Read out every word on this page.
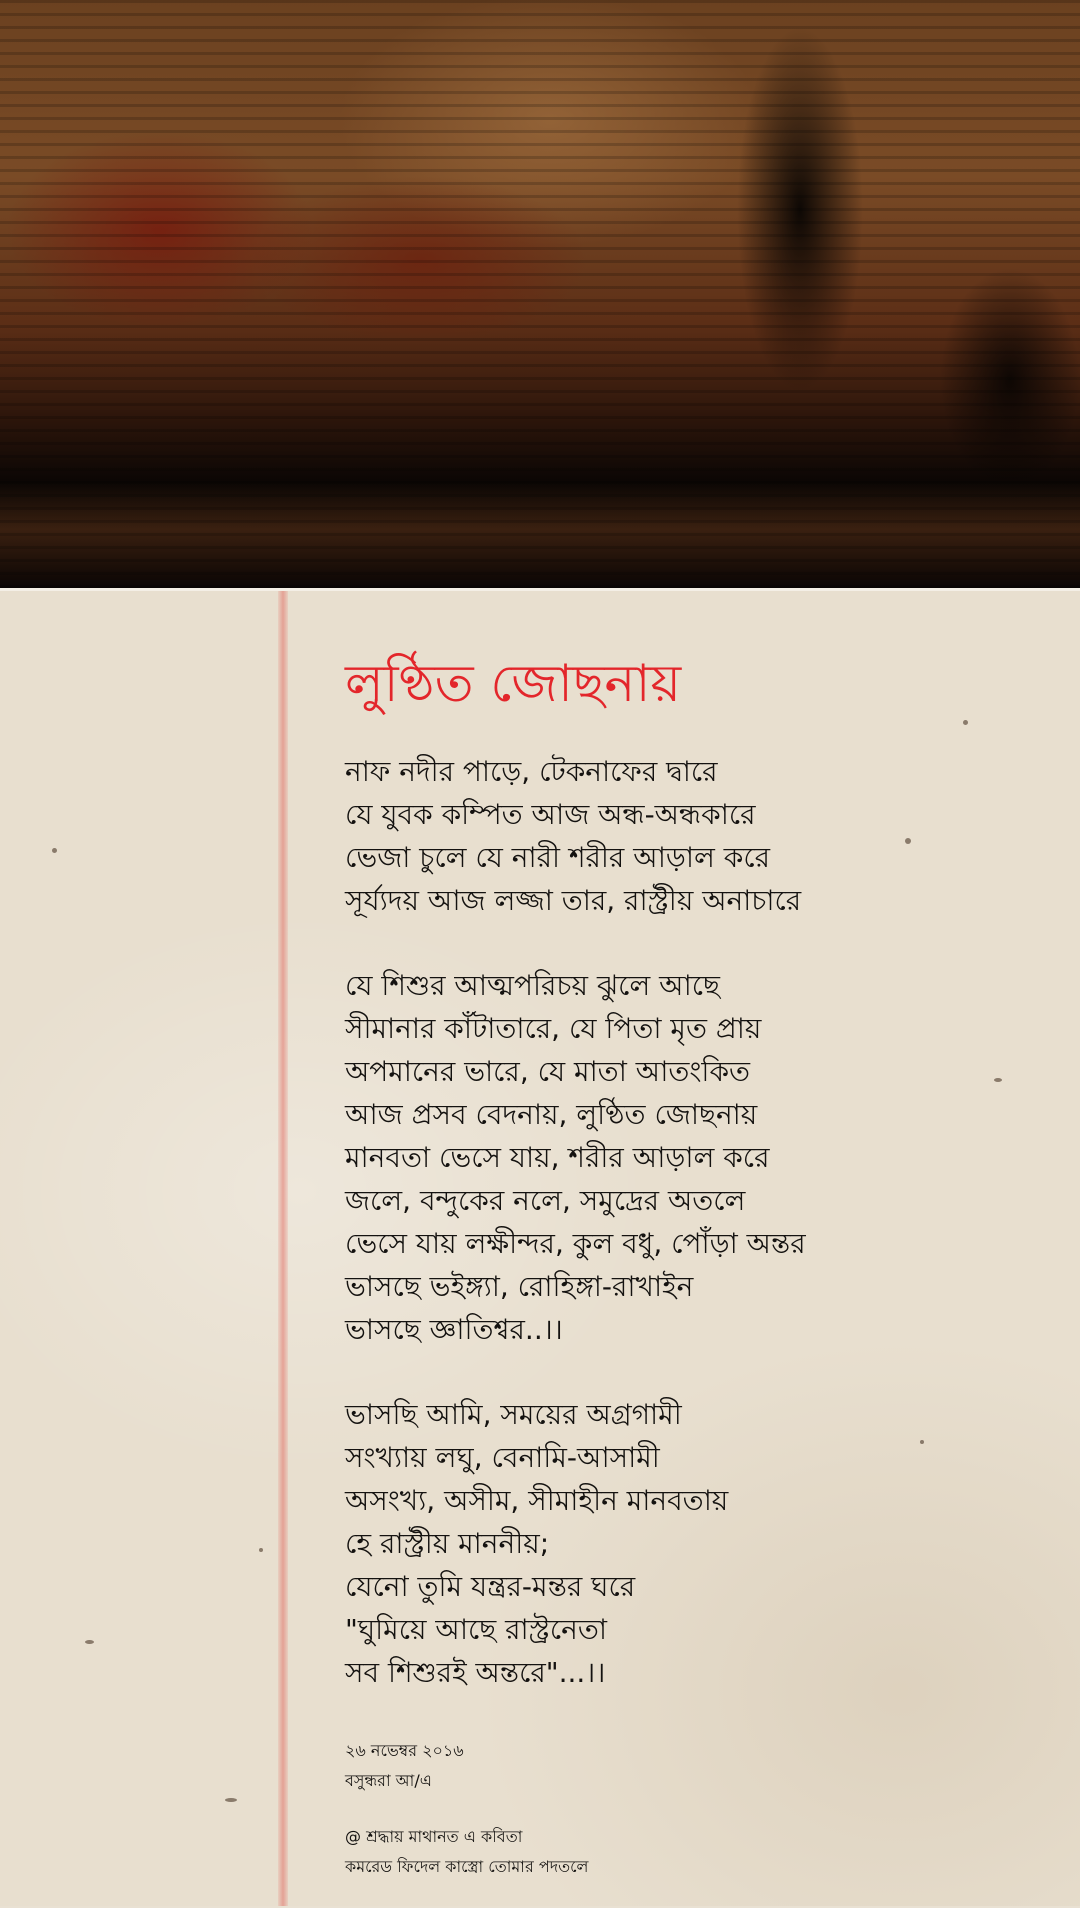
লুণ্ঠিত জোছনায়
নাফ নদীর পাড়ে, টেকনাফের দ্বারে
যে যুবক কম্পিত আজ অন্ধ-অন্ধকারে
ভেজা চুলে যে নারী শরীর আড়াল করে
সূর্য্যদয় আজ লজ্জা তার, রাস্ট্রীয় অনাচারে
যে শিশুর আত্মপরিচয় ঝুলে আছে
সীমানার কাঁটাতারে, যে পিতা মৃত প্রায়
অপমানের ভারে, যে মাতা আতংকিত
আজ প্রসব বেদনায়, লুণ্ঠিত জোছনায়
মানবতা ভেসে যায়, শরীর আড়াল করে
জলে, বন্দুকের নলে, সমুদ্রের অতলে
ভেসে যায় লক্ষীন্দর, কুল বধু, পোঁড়া অন্তর
ভাসছে ভইঙ্গ্যা, রোহিঙ্গা-রাখাইন
ভাসছে জ্ঞাতিশ্বর..।।
ভাসছি আমি, সময়ের অগ্রগামী
সংখ্যায় লঘু, বেনামি-আসামী
অসংখ্য, অসীম, সীমাহীন মানবতায়
হে রাস্ট্রীয় মাননীয়;
যেনো তুমি যন্ত্রর-মন্তর ঘরে
"ঘুমিয়ে আছে রাস্ট্রনেতা
সব শিশুরই অন্তরে"...।।
২৬ নভেম্বর ২০১৬
বসুন্ধরা আ/এ
@ শ্রদ্ধায় মাথানত এ কবিতা
কমরেড ফিদেল কাস্ত্রো তোমার পদতলে
